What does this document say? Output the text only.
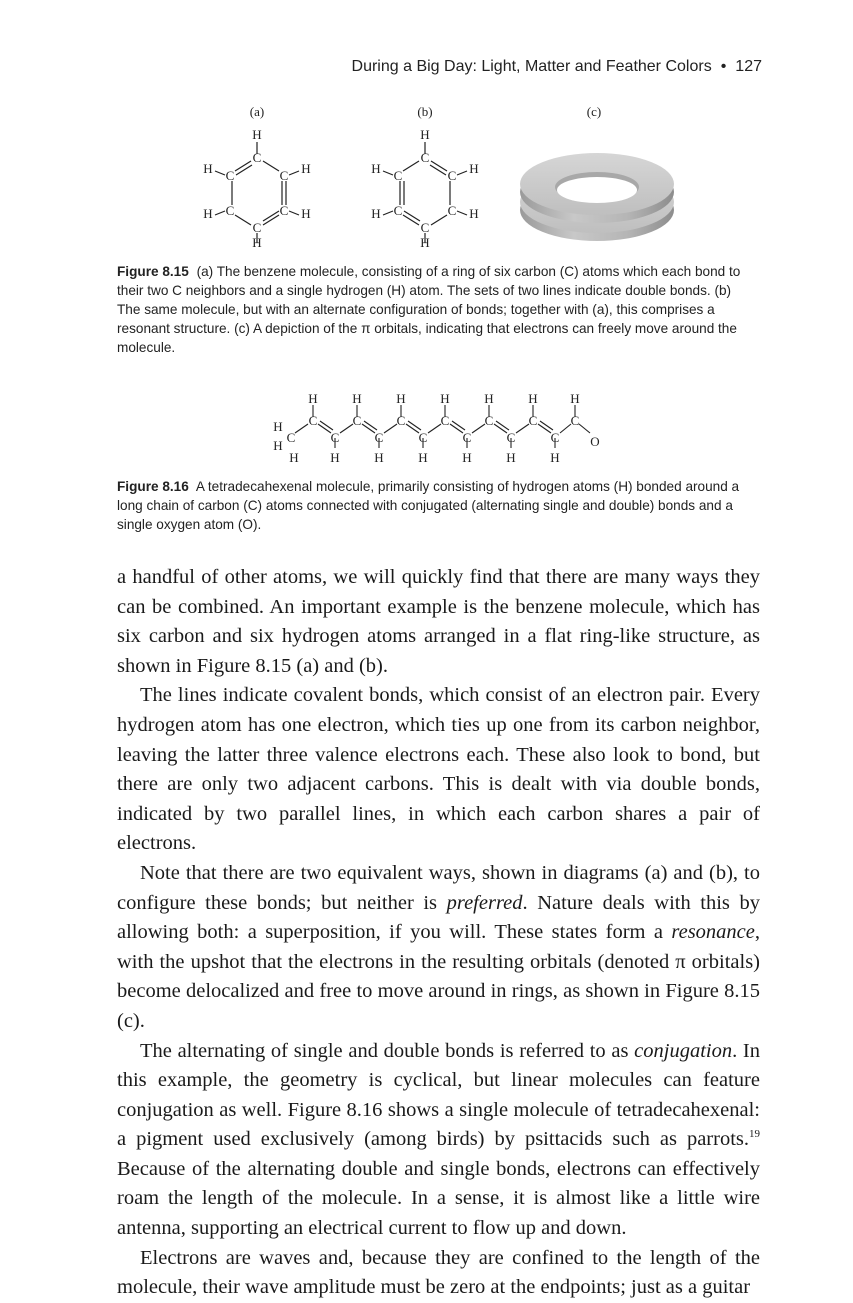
During a Big Day: Light, Matter and Feather Colors • 127
(a)	(b)	(c)
H
C
C	C
C	C
C
H	H
H	H
H
H
C
C	C
C	C
C
H	H
H	H
H
Figure 8.15 (a) The benzene molecule, consisting of a ring of six carbon (C) atoms which each bond to their two C neighbors and a single hydrogen (H) atom. The sets of two lines indicate double bonds. (b) The same molecule, but with an alternate configuration of bonds; together with (a), this comprises a resonant structure. (c) A depiction of the π orbitals, indicating that electrons can freely move around the molecule.
H	H	H	H	H	H	H
C	C	C	C	C	C	C
C	C	C	C	C	C	C O
H
H
H H	H	H	H	H	H
Figure 8.16 A tetradecahexenal molecule, primarily consisting of hydrogen atoms (H) bonded around a long chain of carbon (C) atoms connected with conjugated (alternating single and double) bonds and a single oxygen atom (O).

a handful of other atoms, we will quickly find that there are many ways they can be combined. An important example is the benzene molecule, which has six carbon and six hydrogen atoms arranged in a flat ring-like structure, as shown in Figure 8.15 (a) and (b).

The lines indicate covalent bonds, which consist of an electron pair. Every hydrogen atom has one electron, which ties up one from its carbon neighbor, leaving the latter three valence electrons each. These also look to bond, but there are only two adjacent carbons. This is dealt with via double bonds, indicated by two parallel lines, in which each carbon shares a pair of electrons.

Note that there are two equivalent ways, shown in diagrams (a) and (b), to configure these bonds; but neither is preferred. Nature deals with this by allowing both: a superposition, if you will. These states form a resonance, with the upshot that the electrons in the resulting orbitals (denoted π orbitals) become delocalized and free to move around in rings, as shown in Figure 8.15 (c).

The alternating of single and double bonds is referred to as conjugation. In this example, the geometry is cyclical, but linear molecules can feature conjugation as well. Figure 8.16 shows a single molecule of tetradecahexenal: a pigment used exclusively (among birds) by psittacids such as parrots.$^{19}$ Because of the alternating double and single bonds, electrons can effectively roam the length of the molecule. In a sense, it is almost like a little wire antenna, supporting an electrical current to flow up and down.

Electrons are waves and, because they are confined to the length of the molecule, their wave amplitude must be zero at the endpoints; just as a guitar
